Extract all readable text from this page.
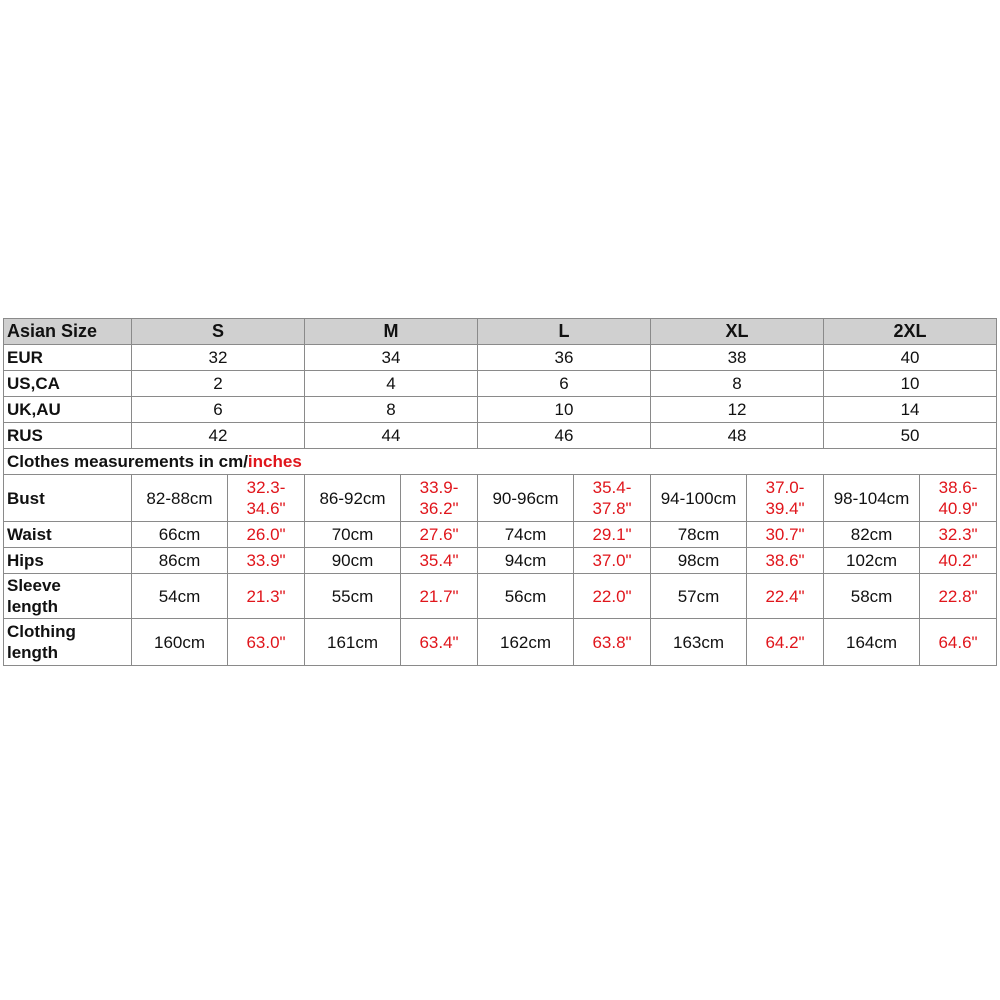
Asian Size	S		M		L		XL		2XL	
EUR	32		34		36		38		40	
US,CA	2		4		6		8		10	
UK,AU	6		8		10		12		14	
RUS	42		44		46		48		50	
Clothes measurements in cm/inches										
Bust	82-88cm	32.3-
34.6"	86-92cm	33.9-
36.2"	90-96cm	35.4-
37.8"	94-100cm	37.0-
39.4"	98-104cm	38.6-
40.9"

Waist	66cm	26.0"	70cm	27.6"	74cm	29.1"	78cm	30.7"	82cm	32.3"
Hips	86cm	33.9"	90cm	35.4"	94cm	37.0"	98cm	38.6"	102cm	40.2"

Sleeve
length	54cm	21.3"	55cm	21.7"	56cm	22.0"	57cm	22.4"	58cm	22.8"

Clothing
length	160cm	63.0"	161cm	63.4"	162cm	63.8"	163cm	64.2"	164cm	64.6"
